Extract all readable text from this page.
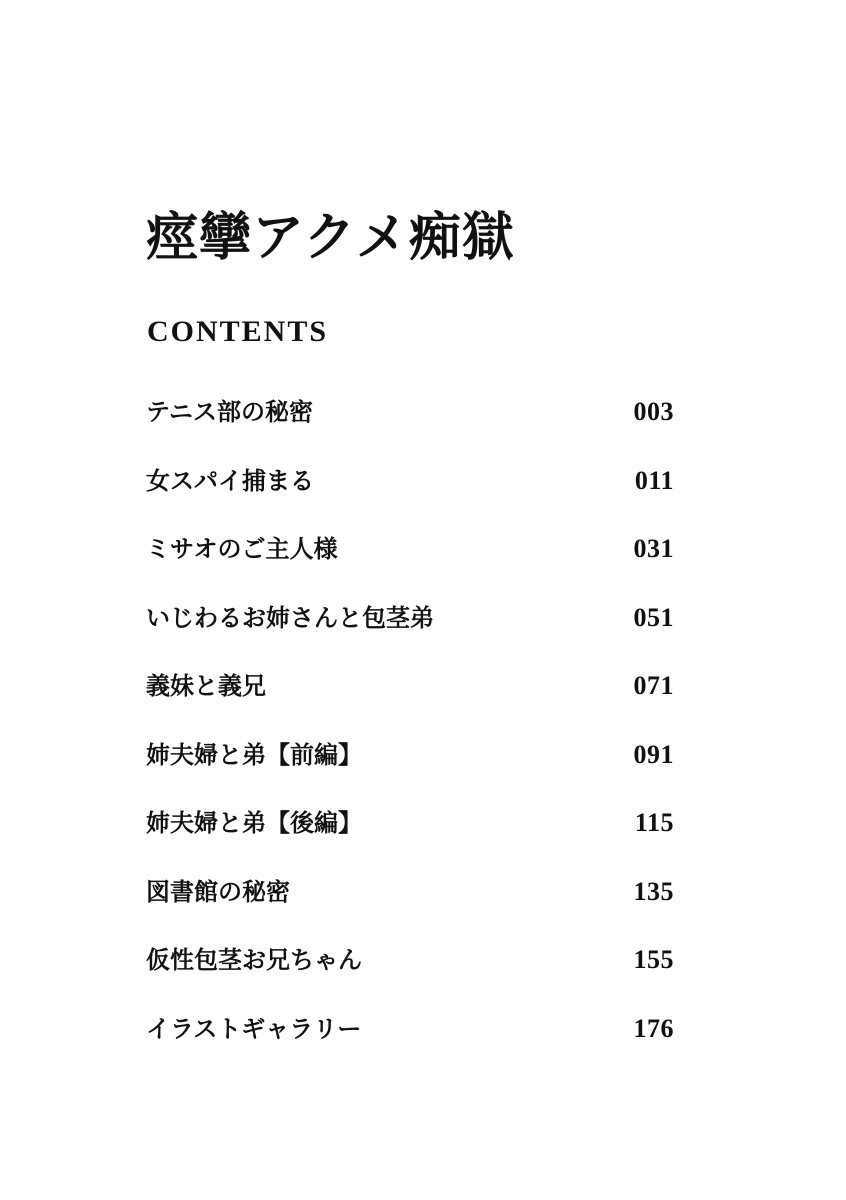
痙攣アクメ痴獄
CONTENTS
テニス部の秘密	003
女スパイ捕まる	011
ミサオのご主人様	031
いじわるお姉さんと包茎弟	051
義妹と義兄	071
姉夫婦と弟【前編】	091
姉夫婦と弟【後編】	115
図書館の秘密	135
仮性包茎お兄ちゃん	155
イラストギャラリー	176
